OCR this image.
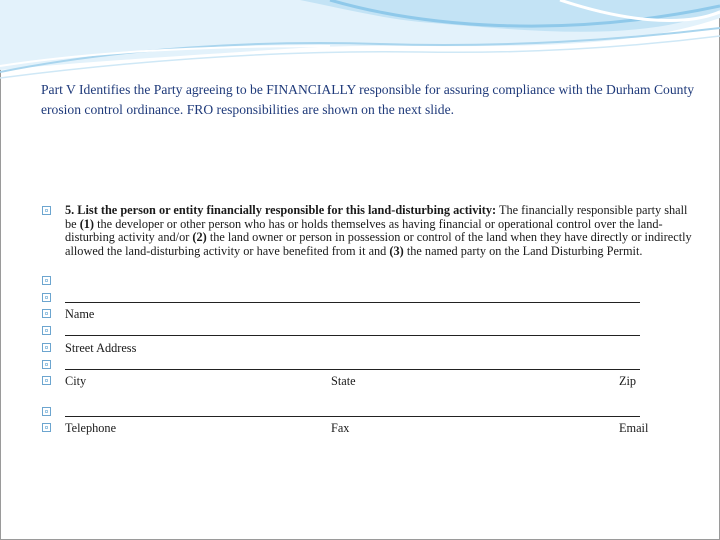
Part V Identifies the Party agreeing to be FINANCIALLY responsible for assuring compliance with the Durham County erosion control ordinance. FRO responsibilities are shown on the next slide.
5. List the person or entity financially responsible for this land-disturbing activity: The financially responsible party shall be (1) the developer or other person who has or holds themselves as having financial or operational control over the land-disturbing activity and/or (2) the land owner or person in possession or control of the land when they have directly or indirectly allowed the land-disturbing activity or have benefited from it and (3) the named party on the Land Disturbing Permit.
Name
Street Address
City	State	Zip
Telephone	Fax	Email
